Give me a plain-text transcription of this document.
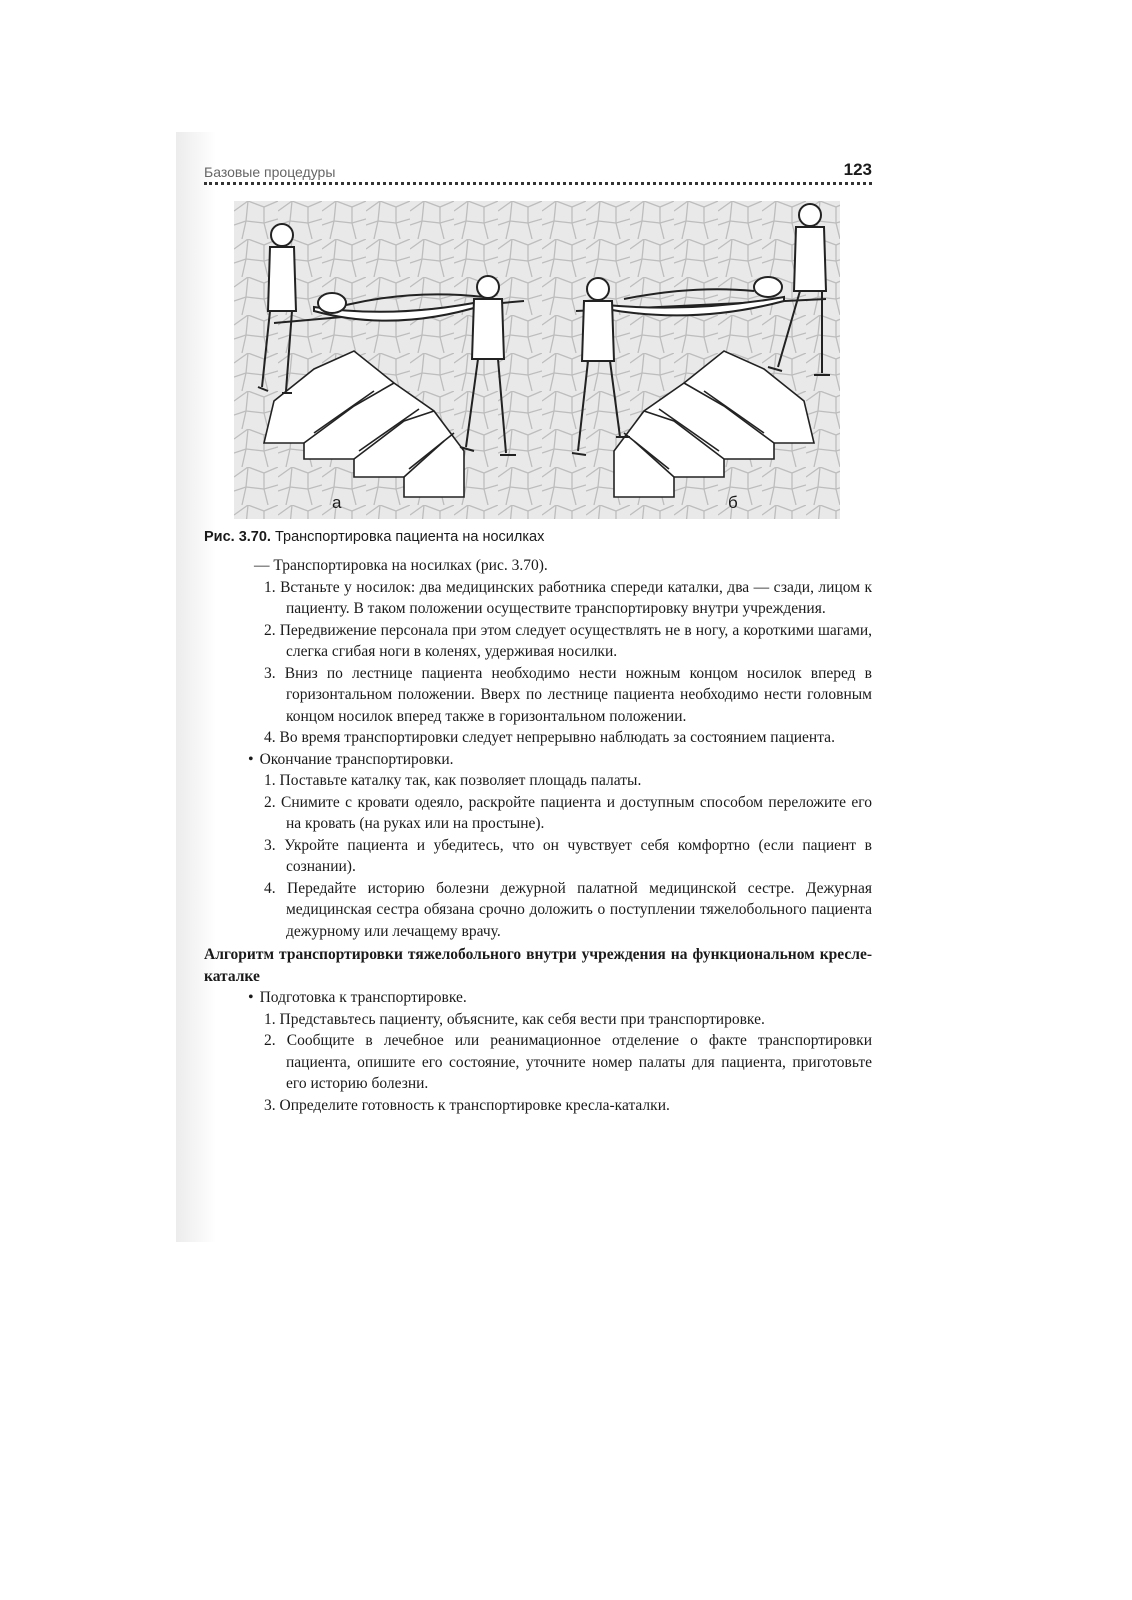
Базовые процедуры	123
а	б
Рис. 3.70. Транспортировка пациента на носилках
— Транспортировка на носилках (рис. 3.70).
1. Встаньте у носилок: два медицинских работника спереди каталки, два — сзади, лицом к пациенту. В таком положении осуществите транспортировку внутри учреждения.
2. Передвижение персонала при этом следует осуществлять не в ногу, а короткими шагами, слегка сгибая ноги в коленях, удерживая носилки.
3. Вниз по лестнице пациента необходимо нести ножным концом носилок вперед в горизонтальном положении. Вверх по лестнице пациента необходимо нести головным концом носилок вперед также в горизонтальном положении.
4. Во время транспортировки следует непрерывно наблюдать за состоянием пациента.
• Окончание транспортировки.
1. Поставьте каталку так, как позволяет площадь палаты.
2. Снимите с кровати одеяло, раскройте пациента и доступным способом переложите его на кровать (на руках или на простыне).
3. Укройте пациента и убедитесь, что он чувствует себя комфортно (если пациент в сознании).
4. Передайте историю болезни дежурной палатной медицинской сестре. Дежурная медицинская сестра обязана срочно доложить о поступлении тяжелобольного пациента дежурному или лечащему врачу.
Алгоритм транспортировки тяжелобольного внутри учреждения на функциональном кресле-каталке
• Подготовка к транспортировке.
1. Представьтесь пациенту, объясните, как себя вести при транспортировке.
2. Сообщите в лечебное или реанимационное отделение о факте транспортировки пациента, опишите его состояние, уточните номер палаты для пациента, приготовьте его историю болезни.
3. Определите готовность к транспортировке кресла-каталки.
